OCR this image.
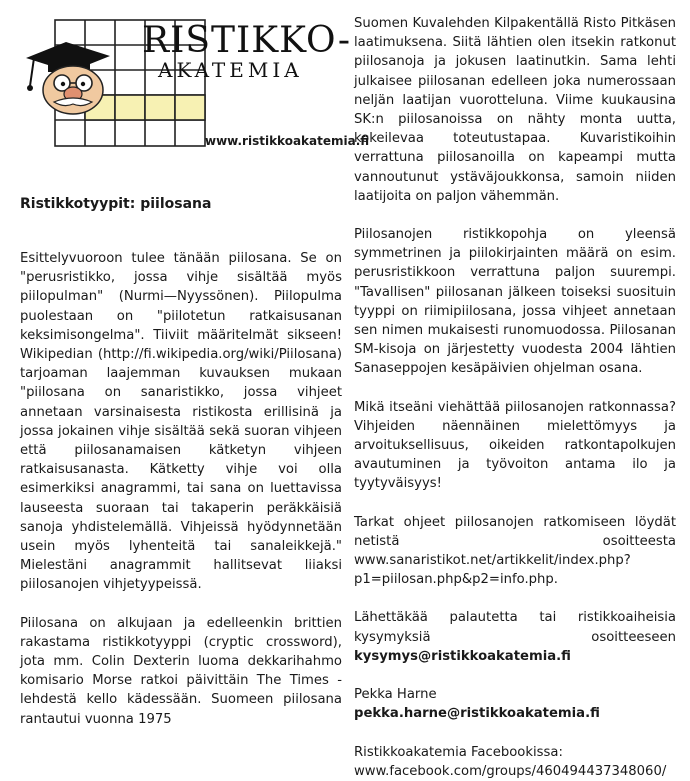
RISTIKKO-
AKATEMIA
www.ristikkoakatemia.fi
Ristikkotyypit: piilosana

Esittelyvuoroon tulee tänään piilosana. Se on "perusristikko, jossa vihje sisältää myös piilopulman" (Nurmi—Nyyssönen). Piilopulma puolestaan on "piilotetun ratkaisusanan keksimisongelma". Tiiviit määritelmät sikseen! Wikipedian (http://fi.wikipedia.org/wiki/Piilosana) tarjoaman laajemman kuvauksen mukaan "piilosana on sanaristikko, jossa vihjeet annetaan varsinaisesta ristikosta erillisinä ja jossa jokainen vihje sisältää sekä suoran vihjeen että piilosanamaisen kätketyn vihjeen ratkaisusanasta. Kätketty vihje voi olla esimerkiksi anagrammi, tai sana on luettavissa lauseesta suoraan tai takaperin peräkkäisiä sanoja yhdistelemällä. Vihjeissä hyödynnetään usein myös lyhenteitä tai sanaleikkejä." Mielestäni anagrammit hallitsevat liiaksi piilosanojen vihjetyypeissä.

Piilosana on alkujaan ja edelleenkin brittien rakastama ristikkotyyppi (cryptic crossword), jota mm. Colin Dexterin luoma dekkarihahmo komisario Morse ratkoi päivittäin The Times -lehdestä kello kädessään. Suomeen piilosana rantautui vuonna 1975

Suomen Kuvalehden Kilpakentällä Risto Pitkäsen laatimuksena. Siitä lähtien olen itsekin ratkonut piilosanoja ja jokusen laatinutkin. Sama lehti julkaisee piilosanan edelleen joka numerossaan neljän laatijan vuorotteluna. Viime kuukausina SK:n piilosanoissa on nähty monta uutta, kokeilevaa toteutustapaa. Kuvaristikoihin verrattuna piilosanoilla on kapeampi mutta vannoutunut ystäväjoukkonsa, samoin niiden laatijoita on paljon vähemmän.

Piilosanojen ristikkopohja on yleensä symmetrinen ja piilokirjainten määrä on esim. perusristikkoon verrattuna paljon suurempi. "Tavallisen" piilosanan jälkeen toiseksi suosituin tyyppi on riimipiilosana, jossa vihjeet annetaan sen nimen mukaisesti runomuodossa. Piilosanan SM-kisoja on järjestetty vuodesta 2004 lähtien Sanaseppojen kesäpäivien ohjelman osana.

Mikä itseäni viehättää piilosanojen ratkonnassa? Vihjeiden näennäinen mielettömyys ja arvoituksellisuus, oikeiden ratkontapolkujen avautuminen ja työvoiton antama ilo ja tyytyväisyys!

Tarkat ohjeet piilosanojen ratkomiseen löydät netistä osoitteesta www.sanaristikot.net/artikkelit/index.php?p1=piilosan.php&p2=info.php.

Lähettäkää palautetta tai ristikkoaiheisia kysymyksiä osoitteeseen kysymys@ristikkoakatemia.fi

Pekka Harne
pekka.harne@ristikkoakatemia.fi

Ristikkoakatemia Facebookissa:
www.facebook.com/groups/460494437348060/
